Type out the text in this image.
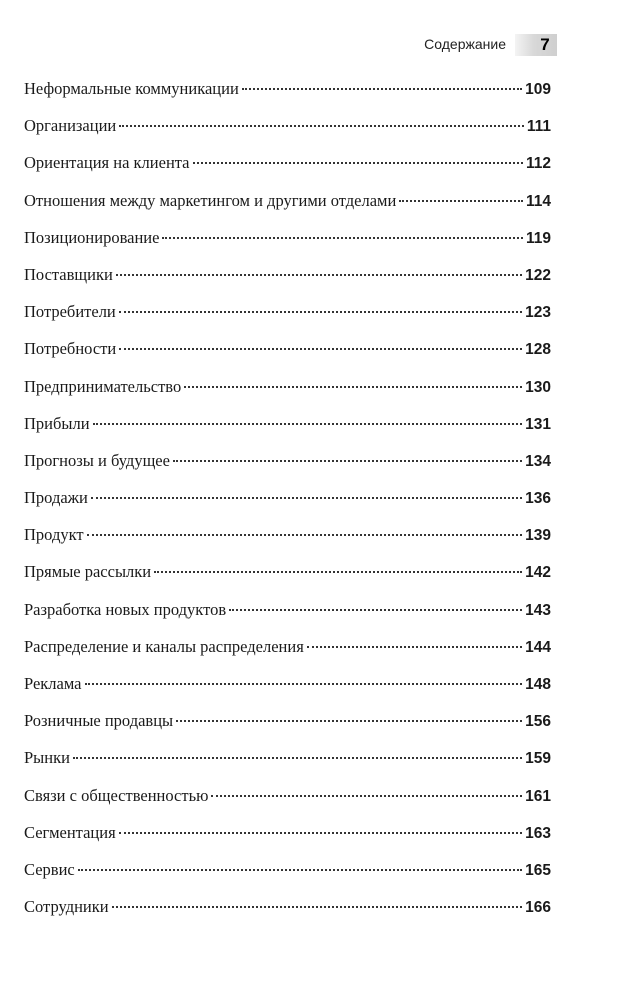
Содержание	7
Неформальные коммуникации	109
Организации	111
Ориентация на клиента	112
Отношения между маркетингом и другими отделами	114
Позиционирование	119
Поставщики	122
Потребители	123
Потребности	128
Предпринимательство	130
Прибыли	131
Прогнозы и будущее	134
Продажи	136
Продукт	139
Прямые рассылки	142
Разработка новых продуктов	143
Распределение и каналы распределения	144
Реклама	148
Розничные продавцы	156
Рынки	159
Связи с общественностью	161
Сегментация	163
Сервис	165
Сотрудники	166
